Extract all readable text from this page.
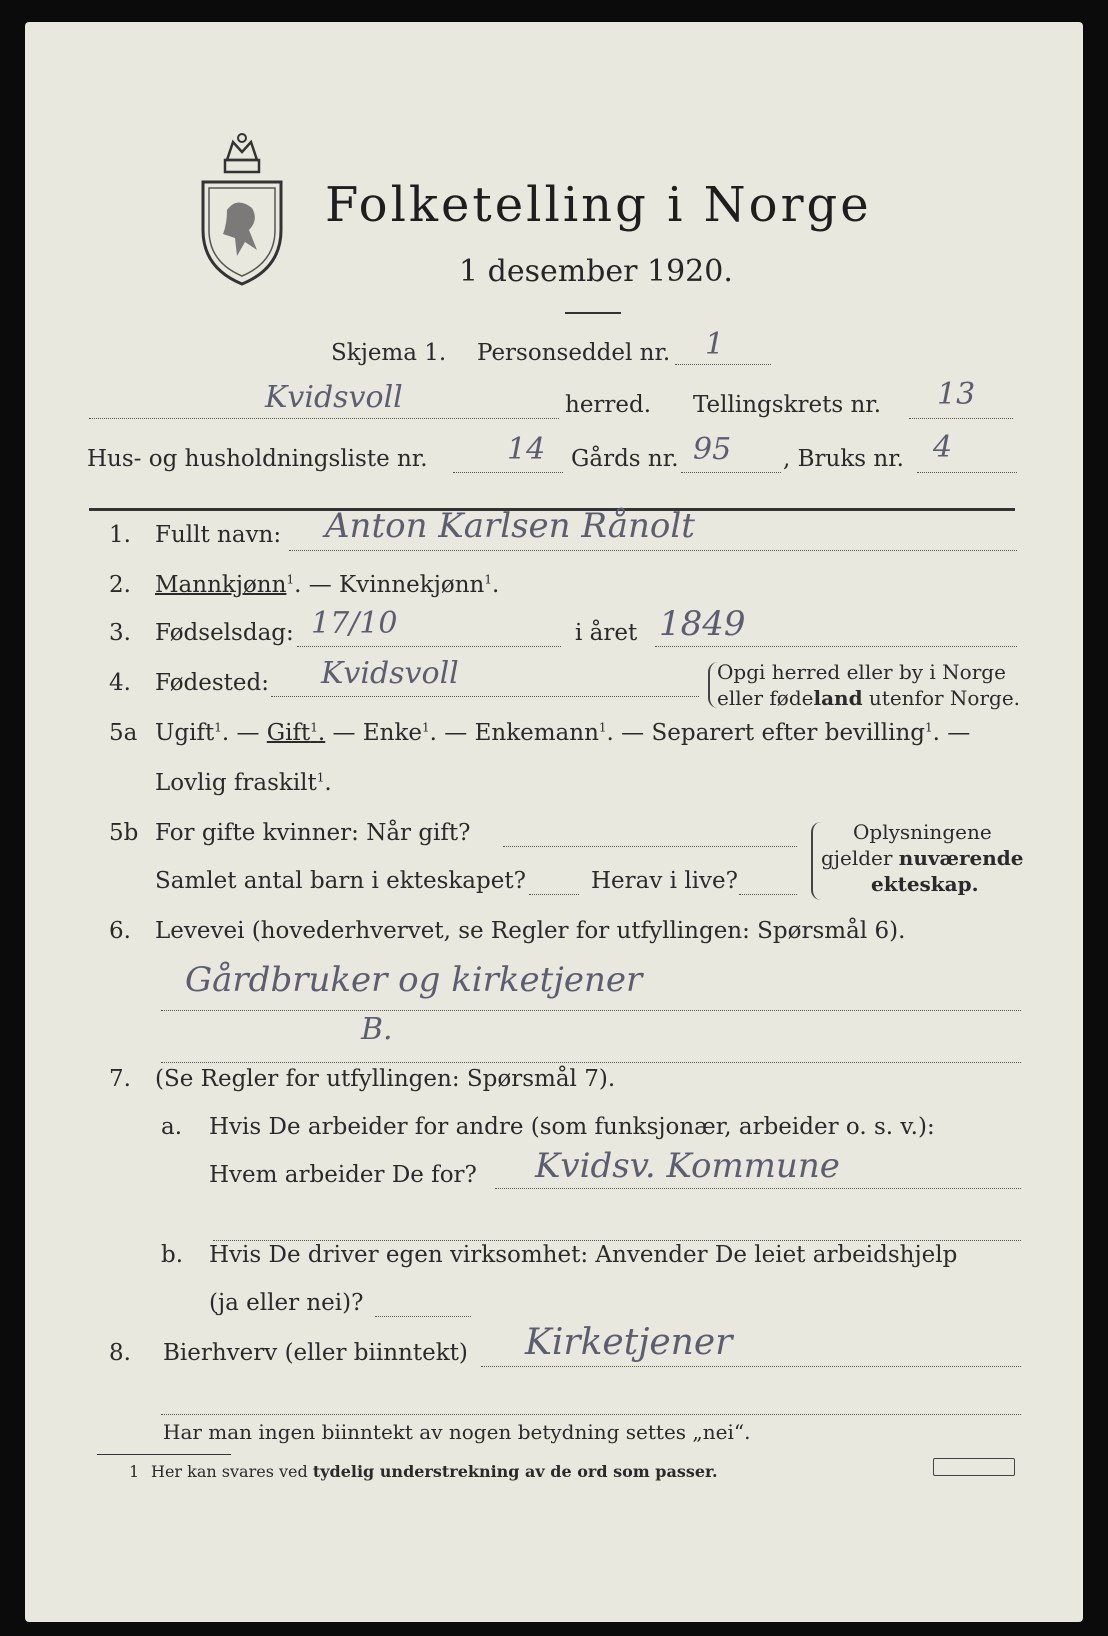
Folketelling i Norge
1 desember 1920.
Skjema 1. Personseddel nr. 1
Kvidsvoll	herred. Tellingskrets nr. 13
Hus- og husholdningsliste nr.	14 Gårds nr. 95 , Bruks nr. 4
1. Fullt navn: Anton Karlsen Rånolt
2. Mannkjønn$^1$. — Kvinnekjønn$^1$.
3. Fødselsdag: 17/10	i året 1849
4. Fødested: Kvidsvoll	Opgi herred eller by i Norge
eller fødeland utenfor Norge.
5a Ugift$^1$. — Gift$^1$. — Enke$^1$. — Enkemann$^1$. — Separert efter bevilling$^1$. —
Lovlig fraskilt$^1$.
5b For gifte kvinner: Når gift?
Samlet antal barn i ekteskapet?	Herav i live?
Oplysningene
gjelder nuværende
ekteskap.
6. Levevei (hovederhvervet, se Regler for utfyllingen: Spørsmål 6).
Gårdbruker og kirketjener
B.
7. (Se Regler for utfyllingen: Spørsmål 7).
a. Hvis De arbeider for andre (som funksjonær, arbeider o. s. v.):
Hvem arbeider De for? Kvidsv. Kommune
b. Hvis De driver egen virksomhet: Anvender De leiet arbeidshjelp
(ja eller nei)?
8. Bierhverv (eller biinntekt) Kirketjener
Har man ingen biinntekt av nogen betydning settes „nei“.
1 Her kan svares ved tydelig understrekning av de ord som passer.
